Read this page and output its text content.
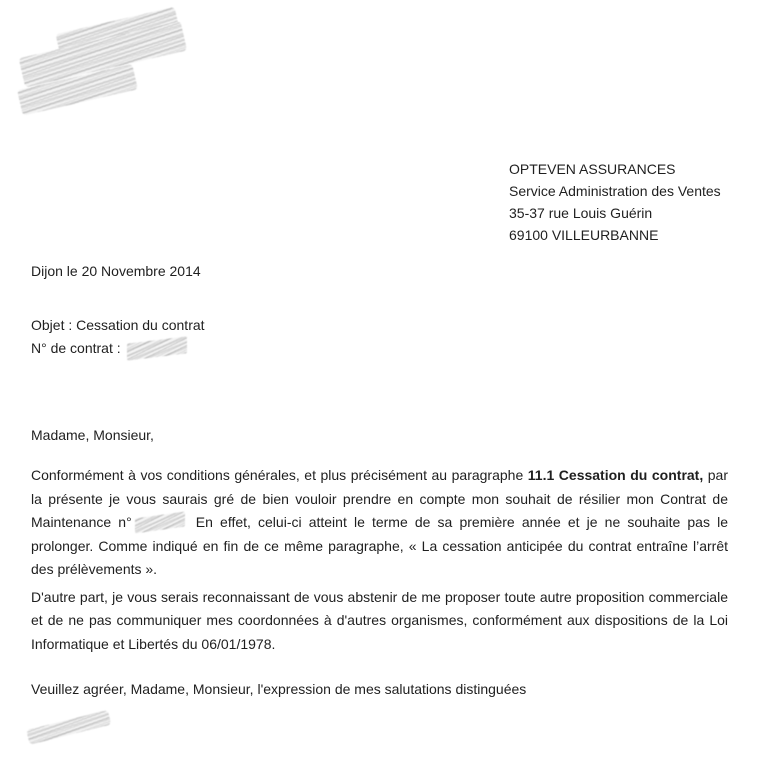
OPTEVEN ASSURANCES
Service Administration des Ventes
35-37 rue Louis Guérin
69100 VILLEURBANNE
Dijon le 20 Novembre 2014
Objet : Cessation du contrat
N° de contrat :

Madame, Monsieur,

Conformément à vos conditions générales, et plus précisément au paragraphe 11.1 Cessation du contrat, par la présente je vous saurais gré de bien vouloir prendre en compte mon souhait de résilier mon Contrat de Maintenance n°	En effet, celui-ci atteint le terme de sa première année et je ne souhaite pas le prolonger. Comme indiqué en fin de ce même paragraphe, « La cessation anticipée du contrat entraîne l’arrêt des prélèvements ».

D'autre part, je vous serais reconnaissant de vous abstenir de me proposer toute autre proposition commerciale et de ne pas communiquer mes coordonnées à d'autres organismes, conformément aux dispositions de la Loi Informatique et Libertés du 06/01/1978.

Veuillez agréer, Madame, Monsieur, l'expression de mes salutations distinguées
